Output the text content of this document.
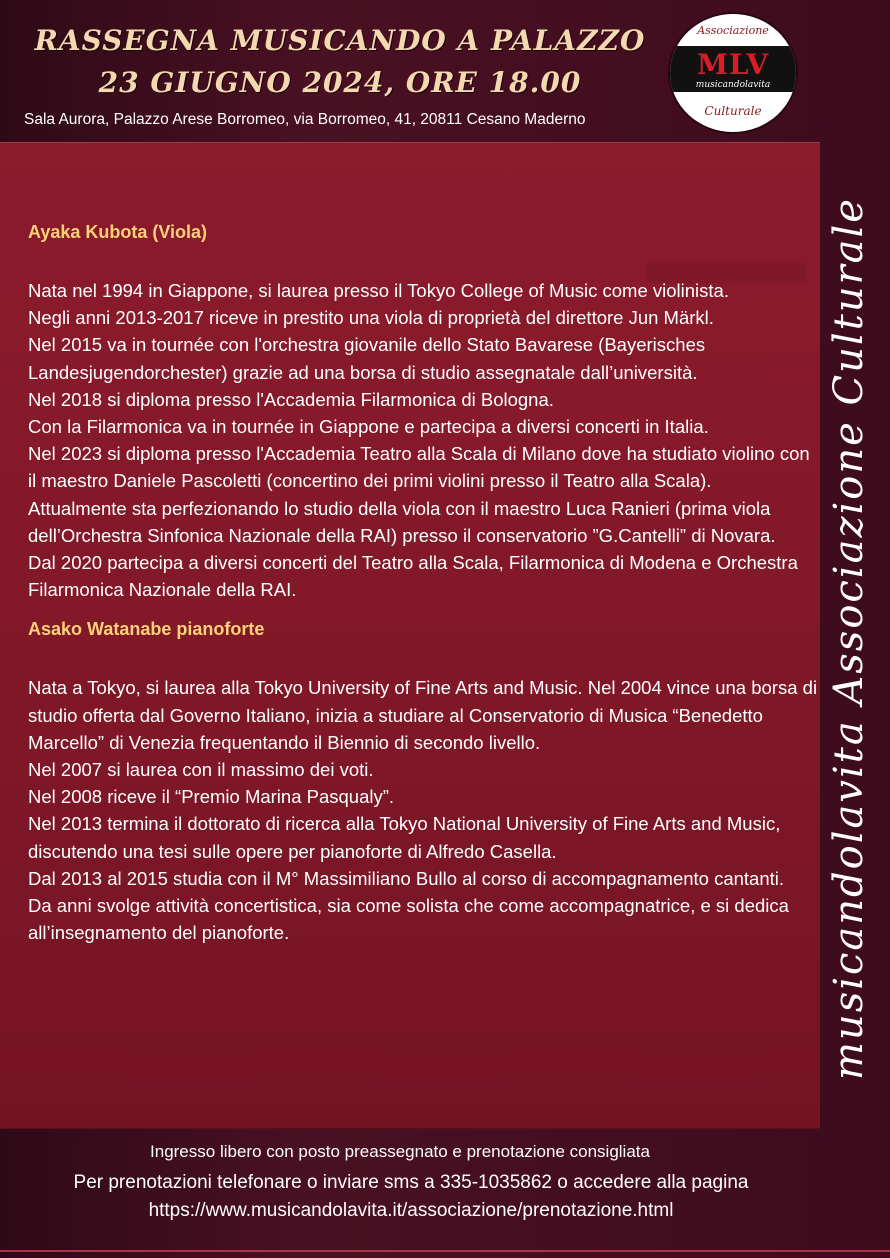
RASSEGNA MUSICANDO A PALAZZO
23 GIUGNO 2024, ORE 18.00
Sala Aurora, Palazzo Arese Borromeo, via Borromeo, 41, 20811 Cesano Maderno
Associazione
MLV
musicandolavita
Culturale
Ayaka Kubota (Viola)

Nata nel 1994 in Giappone, si laurea presso il Tokyo College of Music come violinista.
Negli anni 2013-2017 riceve in prestito una viola di proprietà del direttore Jun Märkl.
Nel 2015 va in tournée con l'orchestra giovanile dello Stato Bavarese (Bayerisches Landesjugendorchester) grazie ad una borsa di studio assegnatale dall’università.
Nel 2018 si diploma presso l'Accademia Filarmonica di Bologna.
Con la Filarmonica va in tournée in Giappone e partecipa a diversi concerti in Italia.
Nel 2023 si diploma presso l'Accademia Teatro alla Scala di Milano dove ha studiato violino con il maestro Daniele Pascoletti (concertino dei primi violini presso il Teatro alla Scala).
Attualmente sta perfezionando lo studio della viola con il maestro Luca Ranieri (prima viola dell’Orchestra Sinfonica Nazionale della RAI) presso il conservatorio ”G.Cantelli” di Novara.
Dal 2020 partecipa a diversi concerti del Teatro alla Scala, Filarmonica di Modena e Orchestra Filarmonica Nazionale della RAI.

Asako Watanabe pianoforte

Nata a Tokyo, si laurea alla Tokyo University of Fine Arts and Music. Nel 2004 vince una borsa di studio offerta dal Governo Italiano, inizia a studiare al Conservatorio di Musica “Benedetto Marcello” di Venezia frequentando il Biennio di secondo livello.
Nel 2007 si laurea con il massimo dei voti.
Nel 2008 riceve il “Premio Marina Pasqualy”.
Nel 2013 termina il dottorato di ricerca alla Tokyo National University of Fine Arts and Music, discutendo una tesi sulle opere per pianoforte di Alfredo Casella.
Dal 2013 al 2015 studia con il M° Massimiliano Bullo al corso di accompagnamento cantanti.
Da anni svolge attività concertistica, sia come solista che come accompagnatrice, e si dedica all’insegnamento del pianoforte.	musicandolavita Associazione Culturale
Ingresso libero con posto preassegnato e prenotazione consigliata
Per prenotazioni telefonare o inviare sms a 335-1035862 o accedere alla pagina
https://www.musicandolavita.it/associazione/prenotazione.html
